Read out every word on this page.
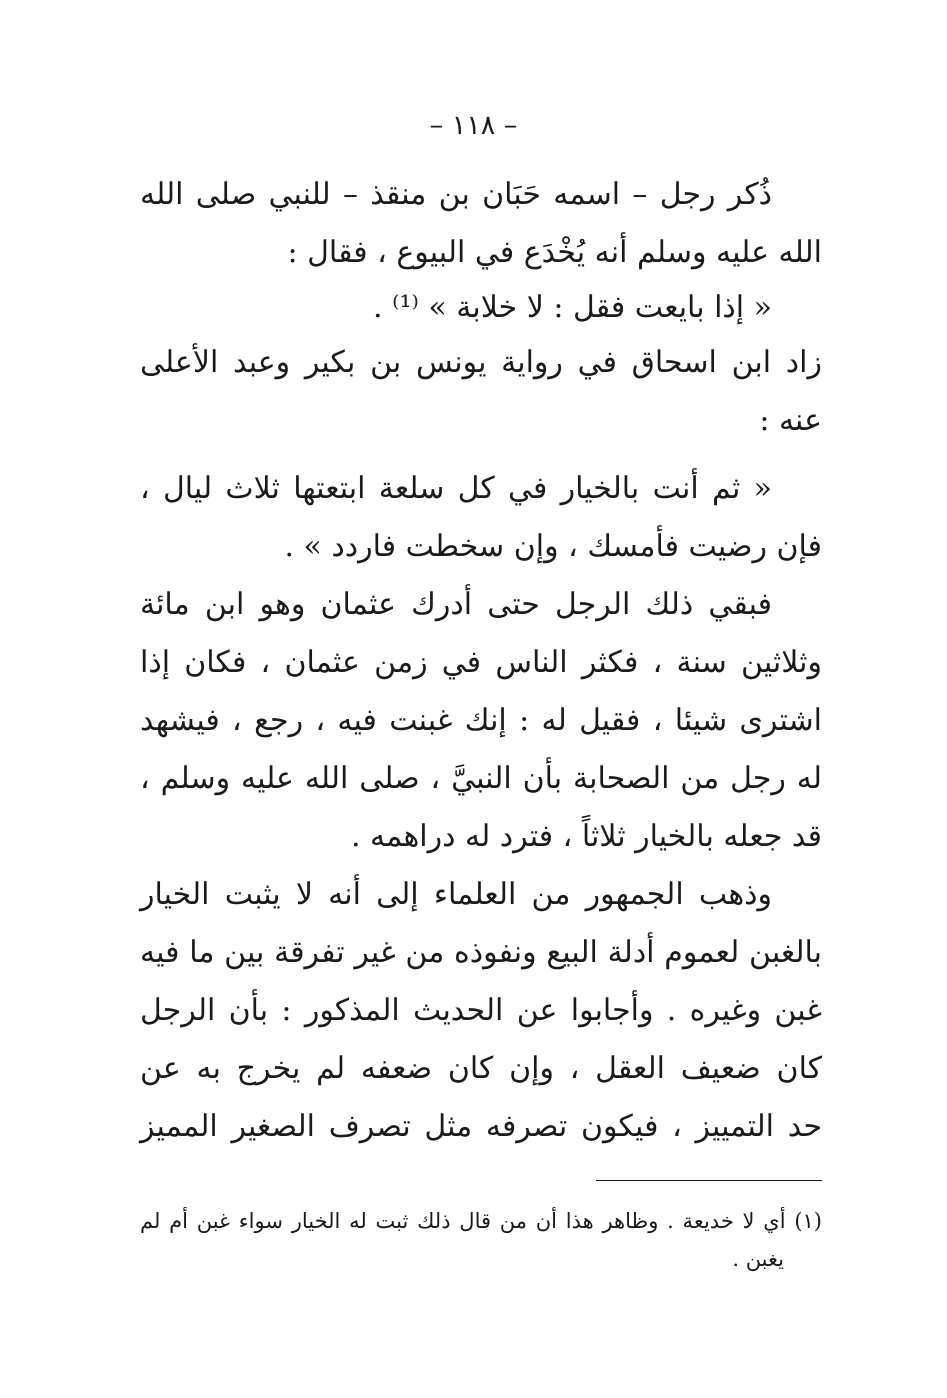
– ١١٨ –
ذُكر رجل – اسمه حَبَان بن منقذ – للنبي صلى الله
الله عليه وسلم أنه يُخْدَع في البيوع ، فقال :
« إذا بايعت فقل : لا خلابة » ⁽¹⁾ .
زاد ابن اسحاق في رواية يونس بن بكير وعبد الأعلى
عنه :
« ثم أنت بالخيار في كل سلعة ابتعتها ثلاث ليال ،
فإن رضيت فأمسك ، وإن سخطت فاردد » .
فبقي ذلك الرجل حتى أدرك عثمان وهو ابن مائة
وثلاثين سنة ، فكثر الناس في زمن عثمان ، فكان إذا
اشترى شيئا ، فقيل له : إنك غبنت فيه ، رجع ، فيشهد
له رجل من الصحابة بأن النبيَّ ، صلى الله عليه وسلم ،
قد جعله بالخيار ثلاثاً ، فترد له دراهمه .
وذهب الجمهور من العلماء إلى أنه لا يثبت الخيار
بالغبن لعموم أدلة البيع ونفوذه من غير تفرقة بين ما فيه
غبن وغيره . وأجابوا عن الحديث المذكور : بأن الرجل
كان ضعيف العقل ، وإن كان ضعفه لم يخرج به عن
حد التمييز ، فيكون تصرفه مثل تصرف الصغير المميز
(١) أي لا خديعة . وظاهر هذا أن من قال ذلك ثبت له الخيار سواء غبن أم لم
يغبن .
